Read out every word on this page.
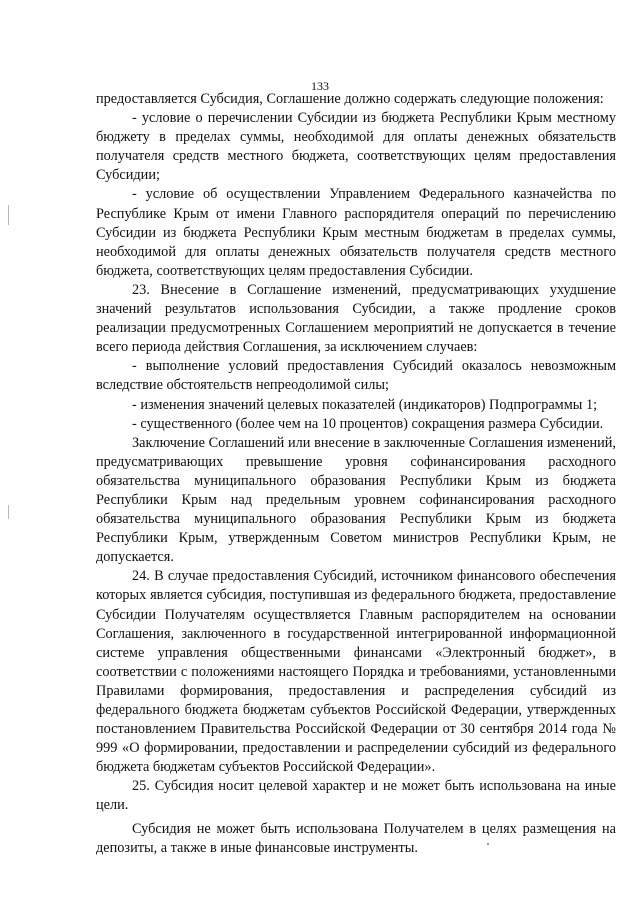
133

предоставляется Субсидия, Соглашение должно содержать следующие положения:

- условие о перечислении Субсидии из бюджета Республики Крым местному бюджету в пределах суммы, необходимой для оплаты денежных обязательств получателя средств местного бюджета, соответствующих целям предоставления Субсидии;

- условие об осуществлении Управлением Федерального казначейства по Республике Крым от имени Главного распорядителя операций по перечислению Субсидии из бюджета Республики Крым местным бюджетам в пределах суммы, необходимой для оплаты денежных обязательств получателя средств местного бюджета, соответствующих целям предоставления Субсидии.

23. Внесение в Соглашение изменений, предусматривающих ухудшение значений результатов использования Субсидии, а также продление сроков реализации предусмотренных Соглашением мероприятий не допускается в течение всего периода действия Соглашения, за исключением случаев:

- выполнение условий предоставления Субсидий оказалось невозможным вследствие обстоятельств непреодолимой силы;

- изменения значений целевых показателей (индикаторов) Подпрограммы 1;

- существенного (более чем на 10 процентов) сокращения размера Субсидии.

Заключение Соглашений или внесение в заключенные Соглашения изменений, предусматривающих превышение уровня софинансирования расходного обязательства муниципального образования Республики Крым из бюджета Республики Крым над предельным уровнем софинансирования расходного обязательства муниципального образования Республики Крым из бюджета Республики Крым, утвержденным Советом министров Республики Крым, не допускается.

24. В случае предоставления Субсидий, источником финансового обеспечения которых является субсидия, поступившая из федерального бюджета, предоставление Субсидии Получателям осуществляется Главным распорядителем на основании Соглашения, заключенного в государственной интегрированной информационной системе управления общественными финансами «Электронный бюджет», в соответствии с положениями настоящего Порядка и требованиями, установленными Правилами формирования, предоставления и распределения субсидий из федерального бюджета бюджетам субъектов Российской Федерации, утвержденных постановлением Правительства Российской Федерации от 30 сентября 2014 года № 999 «О формировании, предоставлении и распределении субсидий из федерального бюджета бюджетам субъектов Российской Федерации».

25. Субсидия носит целевой характер и не может быть использована на иные цели.

Субсидия не может быть использована Получателем в целях размещения на депозиты, а также в иные финансовые инструменты.
